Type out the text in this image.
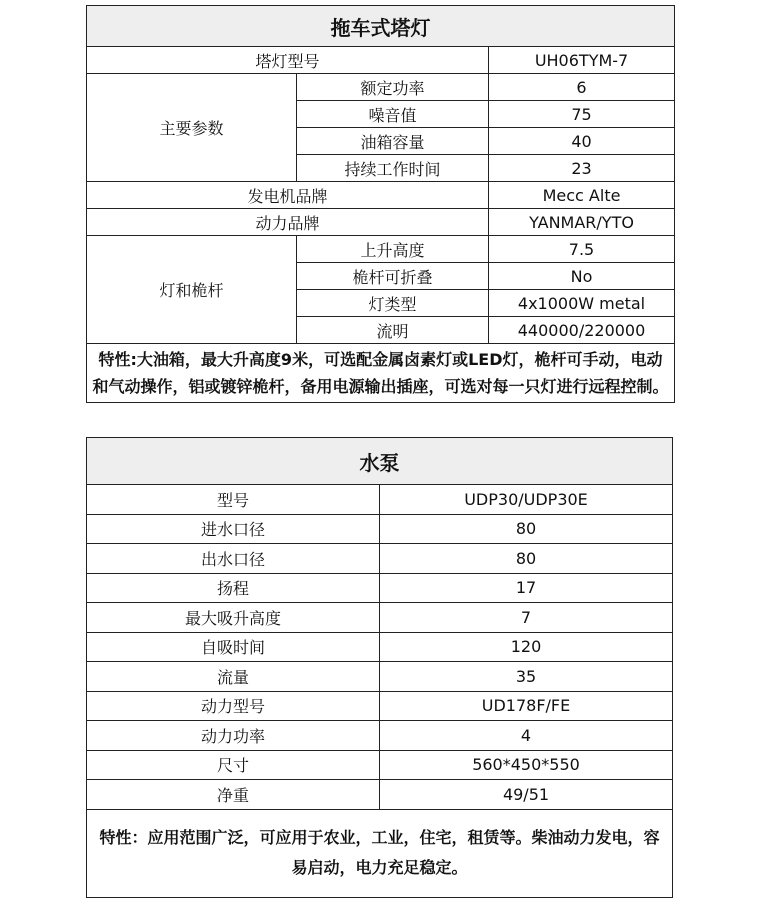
拖车式塔灯		
塔灯型号		UH06TYM-7
主要参数	额定功率	6
	噪音值	75
	油箱容量	40
	持续工作时间	23
发电机品牌		Mecc Alte
动力品牌		YANMAR/YTO
灯和桅杆	上升高度	7.5
	桅杆可折叠	No
	灯类型	4x1000W metal
	流明	440000/220000
特性:大油箱，最大升高度9米，可选配金属卤素灯或LED灯，桅杆可手动，电动和气动操作，铝或镀锌桅杆，备用电源输出插座，可选对每一只灯进行远程控制。		
水泵	
型号	UDP30/UDP30E
进水口径	80
出水口径	80
扬程	17
最大吸升高度	7
自吸时间	120
流量	35
动力型号	UD178F/FE
动力功率	4
尺寸	560*450*550
净重	49/51
特性：应用范围广泛，可应用于农业，工业，住宅，租赁等。柴油动力发电，容易启动，电力充足稳定。	
